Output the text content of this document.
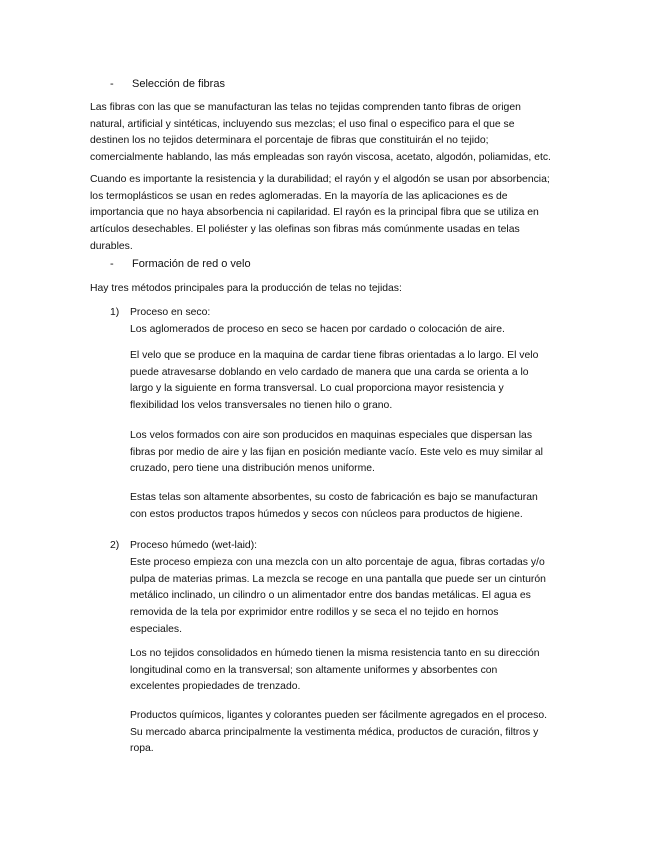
- Selección de fibras
Las fibras con las que se manufacturan las telas no tejidas comprenden tanto fibras de origen
natural, artificial y sintéticas, incluyendo sus mezclas; el uso final o especifico para el que se
destinen los no tejidos determinara el porcentaje de fibras que constituirán el no tejido;
comercialmente hablando, las más empleadas son rayón viscosa, acetato, algodón, poliamidas, etc.
Cuando es importante la resistencia y la durabilidad; el rayón y el algodón se usan por absorbencia;
los termoplásticos se usan en redes aglomeradas. En la mayoría de las aplicaciones es de
importancia que no haya absorbencia ni capilaridad. El rayón es la principal fibra que se utiliza en
artículos desechables. El poliéster y las olefinas son fibras más comúnmente usadas en telas
durables.
- Formación de red o velo
Hay tres métodos principales para la producción de telas no tejidas:
1) Proceso en seco:
Los aglomerados de proceso en seco se hacen por cardado o colocación de aire.
El velo que se produce en la maquina de cardar tiene fibras orientadas a lo largo. El velo
puede atravesarse doblando en velo cardado de manera que una carda se orienta a lo
largo y la siguiente en forma transversal. Lo cual proporciona mayor resistencia y
flexibilidad los velos transversales no tienen hilo o grano.
Los velos formados con aire son producidos en maquinas especiales que dispersan las
fibras por medio de aire y las fijan en posición mediante vacío. Este velo es muy similar al
cruzado, pero tiene una distribución menos uniforme.
Estas telas son altamente absorbentes, su costo de fabricación es bajo se manufacturan
con estos productos trapos húmedos y secos con núcleos para productos de higiene.
2) Proceso húmedo (wet-laid):
Este proceso empieza con una mezcla con un alto porcentaje de agua, fibras cortadas y/o
pulpa de materias primas. La mezcla se recoge en una pantalla que puede ser un cinturón
metálico inclinado, un cilindro o un alimentador entre dos bandas metálicas. El agua es
removida de la tela por exprimidor entre rodillos y se seca el no tejido en hornos
especiales.
Los no tejidos consolidados en húmedo tienen la misma resistencia tanto en su dirección
longitudinal como en la transversal; son altamente uniformes y absorbentes con
excelentes propiedades de trenzado.
Productos químicos, ligantes y colorantes pueden ser fácilmente agregados en el proceso.
Su mercado abarca principalmente la vestimenta médica, productos de curación, filtros y
ropa.
